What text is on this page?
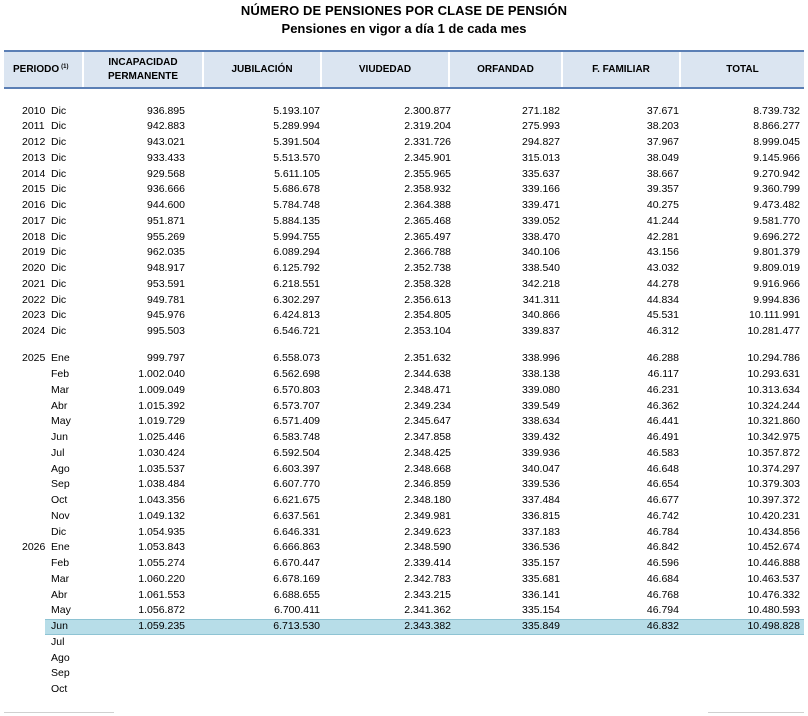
NÚMERO DE PENSIONES POR CLASE DE PENSIÓN
Pensiones en vigor a día 1 de cada mes
PERIODO $^{(1)}$	INCAPACIDAD
PERMANENTE
JUBILACIÓN	VIUDEDAD	ORFANDAD	F. FAMILIAR	TOTAL
2010 Dic	936.895	5.193.107	2.300.877	271.182	37.671	8.739.732
2011 Dic	942.883	5.289.994	2.319.204	275.993	38.203	8.866.277
2012 Dic	943.021	5.391.504	2.331.726	294.827	37.967	8.999.045
2013 Dic	933.433	5.513.570	2.345.901	315.013	38.049	9.145.966
2014 Dic	929.568	5.611.105	2.355.965	335.637	38.667	9.270.942
2015 Dic	936.666	5.686.678	2.358.932	339.166	39.357	9.360.799
2016 Dic	944.600	5.784.748	2.364.388	339.471	40.275	9.473.482
2017 Dic	951.871	5.884.135	2.365.468	339.052	41.244	9.581.770
2018 Dic	955.269	5.994.755	2.365.497	338.470	42.281	9.696.272
2019 Dic	962.035	6.089.294	2.366.788	340.106	43.156	9.801.379
2020 Dic	948.917	6.125.792	2.352.738	338.540	43.032	9.809.019
2021 Dic	953.591	6.218.551	2.358.328	342.218	44.278	9.916.966
2022 Dic	949.781	6.302.297	2.356.613	341.311	44.834	9.994.836
2023 Dic	945.976	6.424.813	2.354.805	340.866	45.531	10.111.991
2024 Dic	995.503	6.546.721	2.353.104	339.837	46.312	10.281.477
2025 Ene	999.797	6.558.073	2.351.632	338.996	46.288	10.294.786
Feb	1.002.040	6.562.698	2.344.638	338.138	46.117	10.293.631
Mar	1.009.049	6.570.803	2.348.471	339.080	46.231	10.313.634
Abr	1.015.392	6.573.707	2.349.234	339.549	46.362	10.324.244
May	1.019.729	6.571.409	2.345.647	338.634	46.441	10.321.860
Jun	1.025.446	6.583.748	2.347.858	339.432	46.491	10.342.975
Jul	1.030.424	6.592.504	2.348.425	339.936	46.583	10.357.872
Ago	1.035.537	6.603.397	2.348.668	340.047	46.648	10.374.297
Sep	1.038.484	6.607.770	2.346.859	339.536	46.654	10.379.303
Oct	1.043.356	6.621.675	2.348.180	337.484	46.677	10.397.372
Nov	1.049.132	6.637.561	2.349.981	336.815	46.742	10.420.231
Dic	1.054.935	6.646.331	2.349.623	337.183	46.784	10.434.856
2026 Ene	1.053.843	6.666.863	2.348.590	336.536	46.842	10.452.674
Feb	1.055.274	6.670.447	2.339.414	335.157	46.596	10.446.888
Mar	1.060.220	6.678.169	2.342.783	335.681	46.684	10.463.537
Abr	1.061.553	6.688.655	2.343.215	336.141	46.768	10.476.332
May	1.056.872	6.700.411	2.341.362	335.154	46.794	10.480.593
Jun	1.059.235	6.713.530	2.343.382	335.849	46.832	10.498.828
Jul
Ago
Sep
Oct
